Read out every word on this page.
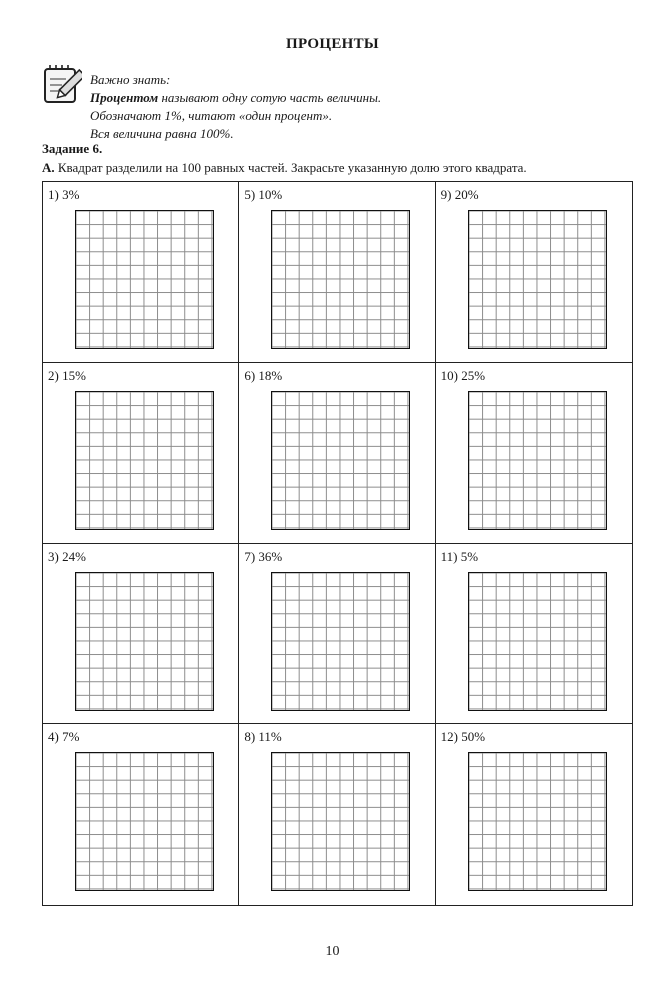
ПРОЦЕНТЫ
Важно знать:
Процентом называют одну сотую часть величины.
Обозначают 1%, читают «один процент».
Вся величина равна 100%.
Задание 6.
А. Квадрат разделили на 100 равных частей. Закрасьте указанную долю этого квадрата.
1) 3%	5) 10%	9) 20%
2) 15%	6) 18%	10) 25%
3) 24%	7) 36%	11) 5%
4) 7%	8) 11%	12) 50%
10
